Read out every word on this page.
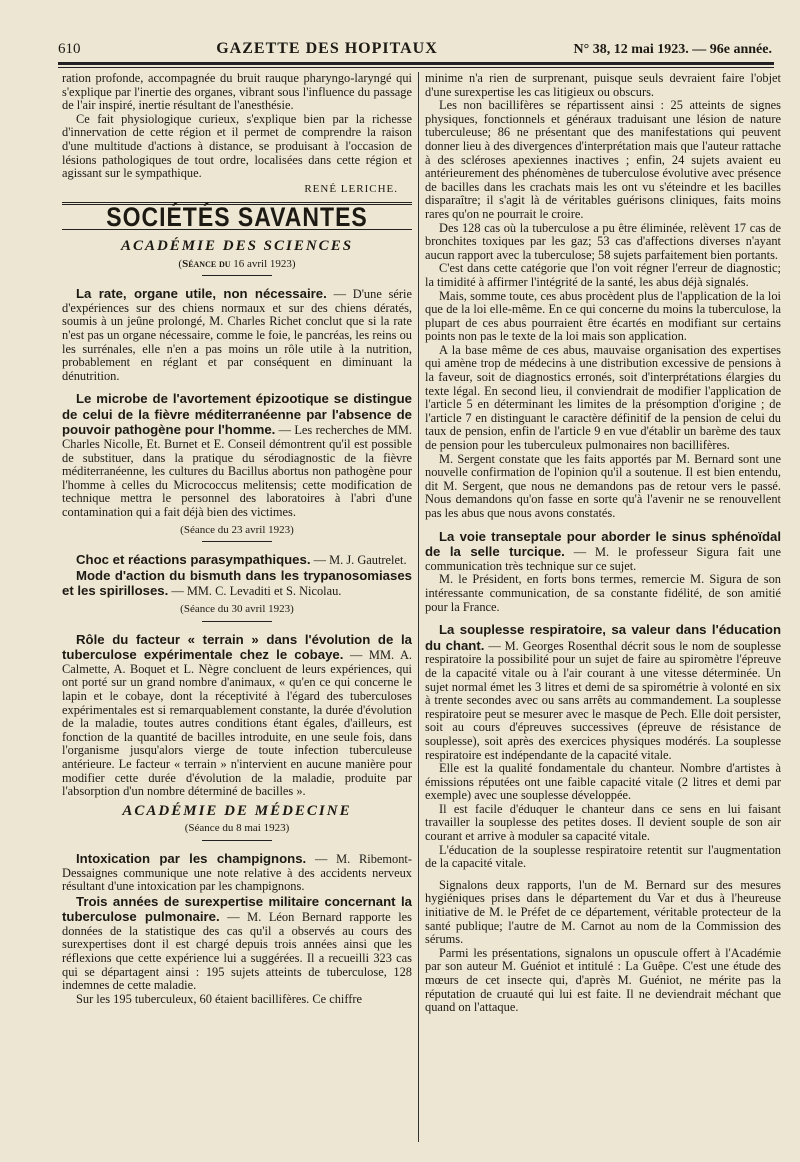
610	GAZETTE DES HOPITAUX	N° 38, 12 mai 1923. — 96e année.

ration profonde, accompagnée du bruit rauque pharyngo-laryngé qui s'explique par l'inertie des organes, vibrant sous l'influence du passage de l'air inspiré, inertie résultant de l'anesthésie.

Ce fait physiologique curieux, s'explique bien par la richesse d'innervation de cette région et il permet de comprendre la raison d'une multitude d'actions à distance, se produisant à l'occasion de lésions pathologiques de tout ordre, localisées dans cette région et agissant sur le sympathique.

RENÉ LERICHE.
SOCIÉTÉS SAVANTES
ACADÉMIE DES SCIENCES
(Séance du 16 avril 1923)

La rate, organe utile, non nécessaire. — D'une série d'expériences sur des chiens normaux et sur des chiens dératés, soumis à un jeûne prolongé, M. Charles Richet conclut que si la rate n'est pas un organe nécessaire, comme le foie, le pancréas, les reins ou les surrénales, elle n'en a pas moins un rôle utile à la nutrition, probablement en réglant et par conséquent en diminuant la dénutrition.

Le microbe de l'avortement épizootique se distingue de celui de la fièvre méditerranéenne par l'absence de pouvoir pathogène pour l'homme. — Les recherches de MM. Charles Nicolle, Et. Burnet et E. Conseil démontrent qu'il est possible de substituer, dans la pratique du sérodiagnostic de la fièvre méditerranéenne, les cultures du Bacillus abortus non pathogène pour l'homme à celles du Micrococcus melitensis; cette modification de technique mettra le personnel des laboratoires à l'abri d'une contamination qui a fait déjà bien des victimes.

(Séance du 23 avril 1923)

Choc et réactions parasympathiques. — M. J. Gautrelet.

Mode d'action du bismuth dans les trypanosomiases et les spirilloses. — MM. C. Levaditi et S. Nicolau.

(Séance du 30 avril 1923)

Rôle du facteur « terrain » dans l'évolution de la tuberculose expérimentale chez le cobaye. — MM. A. Calmette, A. Boquet et L. Nègre concluent de leurs expériences, qui ont porté sur un grand nombre d'animaux, « qu'en ce qui concerne le lapin et le cobaye, dont la réceptivité à l'égard des tuberculoses expérimentales est si remarquablement constante, la durée d'évolution de la maladie, toutes autres conditions étant égales, d'ailleurs, est fonction de la quantité de bacilles introduite, en une seule fois, dans l'organisme jusqu'alors vierge de toute infection tuberculeuse antérieure. Le facteur « terrain » n'intervient en aucune manière pour modifier cette durée d'évolution de la maladie, produite par l'absorption d'un nombre déterminé de bacilles ».

ACADÉMIE DE MÉDECINE
(Séance du 8 mai 1923)

Intoxication par les champignons. — M. Ribemont-Dessaignes communique une note relative à des accidents nerveux résultant d'une intoxication par les champignons.

Trois années de surexpertise militaire concernant la tuberculose pulmonaire. — M. Léon Bernard rapporte les données de la statistique des cas qu'il a observés au cours des surexpertises dont il est chargé depuis trois années ainsi que les réflexions que cette expérience lui a suggérées. Il a recueilli 323 cas qui se départagent ainsi : 195 sujets atteints de tuberculose, 128 indemnes de cette maladie.

Sur les 195 tuberculeux, 60 étaient bacillifères. Ce chiffre

minime n'a rien de surprenant, puisque seuls devraient faire l'objet d'une surexpertise les cas litigieux ou obscurs.

Les non bacillifères se répartissent ainsi : 25 atteints de signes physiques, fonctionnels et généraux traduisant une lésion de nature tuberculeuse; 86 ne présentant que des manifestations qui peuvent donner lieu à des divergences d'interprétation mais que l'auteur rattache à des scléroses apexiennes inactives ; enfin, 24 sujets avaient eu antérieurement des phénomènes de tuberculose évolutive avec présence de bacilles dans les crachats mais les ont vu s'éteindre et les bacilles disparaître; il s'agit là de véritables guérisons cliniques, faits moins rares qu'on ne pourrait le croire.

Des 128 cas où la tuberculose a pu être éliminée, relèvent 17 cas de bronchites toxiques par les gaz; 53 cas d'affections diverses n'ayant aucun rapport avec la tuberculose; 58 sujets parfaitement bien portants.

C'est dans cette catégorie que l'on voit régner l'erreur de diagnostic; la timidité à affirmer l'intégrité de la santé, les abus déjà signalés.

Mais, somme toute, ces abus procèdent plus de l'application de la loi que de la loi elle-même. En ce qui concerne du moins la tuberculose, la plupart de ces abus pourraient être écartés en modifiant sur certains points non pas le texte de la loi mais son application.

A la base même de ces abus, mauvaise organisation des expertises qui amène trop de médecins à une distribution excessive de pensions à la faveur, soit de diagnostics erronés, soit d'interprétations élargies du texte légal. En second lieu, il conviendrait de modifier l'application de l'article 5 en déterminant les limites de la présomption d'origine ; de l'article 7 en distinguant le caractère définitif de la pension de celui du taux de pension, enfin de l'article 9 en vue d'établir un barème des taux de pension pour les tuberculeux pulmonaires non bacillifères.

M. Sergent constate que les faits apportés par M. Bernard sont une nouvelle confirmation de l'opinion qu'il a soutenue. Il est bien entendu, dit M. Sergent, que nous ne demandons pas de retour vers le passé. Nous demandons qu'on fasse en sorte qu'à l'avenir ne se renouvellent pas les abus que nous avons constatés.

La voie transeptale pour aborder le sinus sphénoïdal de la selle turcique. — M. le professeur Sigura fait une communication très technique sur ce sujet.

M. le Président, en forts bons termes, remercie M. Sigura de son intéressante communication, de sa constante fidélité, de son amitié pour la France.

La souplesse respiratoire, sa valeur dans l'éducation du chant. — M. Georges Rosenthal décrit sous le nom de souplesse respiratoire la possibilité pour un sujet de faire au spiromètre l'épreuve de la capacité vitale ou à l'air courant à une vitesse déterminée. Un sujet normal émet les 3 litres et demi de sa spirométrie à volonté en six à trente secondes avec ou sans arrêts au commandement. La souplesse respiratoire peut se mesurer avec le masque de Pech. Elle doit persister, soit au cours d'épreuves successives (épreuve de résistance de souplesse), soit après des exercices physiques modérés. La souplesse respiratoire est indépendante de la capacité vitale.

Elle est la qualité fondamentale du chanteur. Nombre d'artistes à émissions réputées ont une faible capacité vitale (2 litres et demi par exemple) avec une souplesse développée.

Il est facile d'éduquer le chanteur dans ce sens en lui faisant travailler la souplesse des petites doses. Il devient souple de son air courant et arrive à moduler sa capacité vitale.

L'éducation de la souplesse respiratoire retentit sur l'augmentation de la capacité vitale.

Signalons deux rapports, l'un de M. Bernard sur des mesures hygiéniques prises dans le département du Var et dus à l'heureuse initiative de M. le Préfet de ce département, véritable protecteur de la santé publique; l'autre de M. Carnot au nom de la Commission des sérums.

Parmi les présentations, signalons un opuscule offert à l'Académie par son auteur M. Guéniot et intitulé : La Guêpe. C'est une étude des mœurs de cet insecte qui, d'après M. Guéniot, ne mérite pas la réputation de cruauté qui lui est faite. Il ne deviendrait méchant que quand on l'attaque.
